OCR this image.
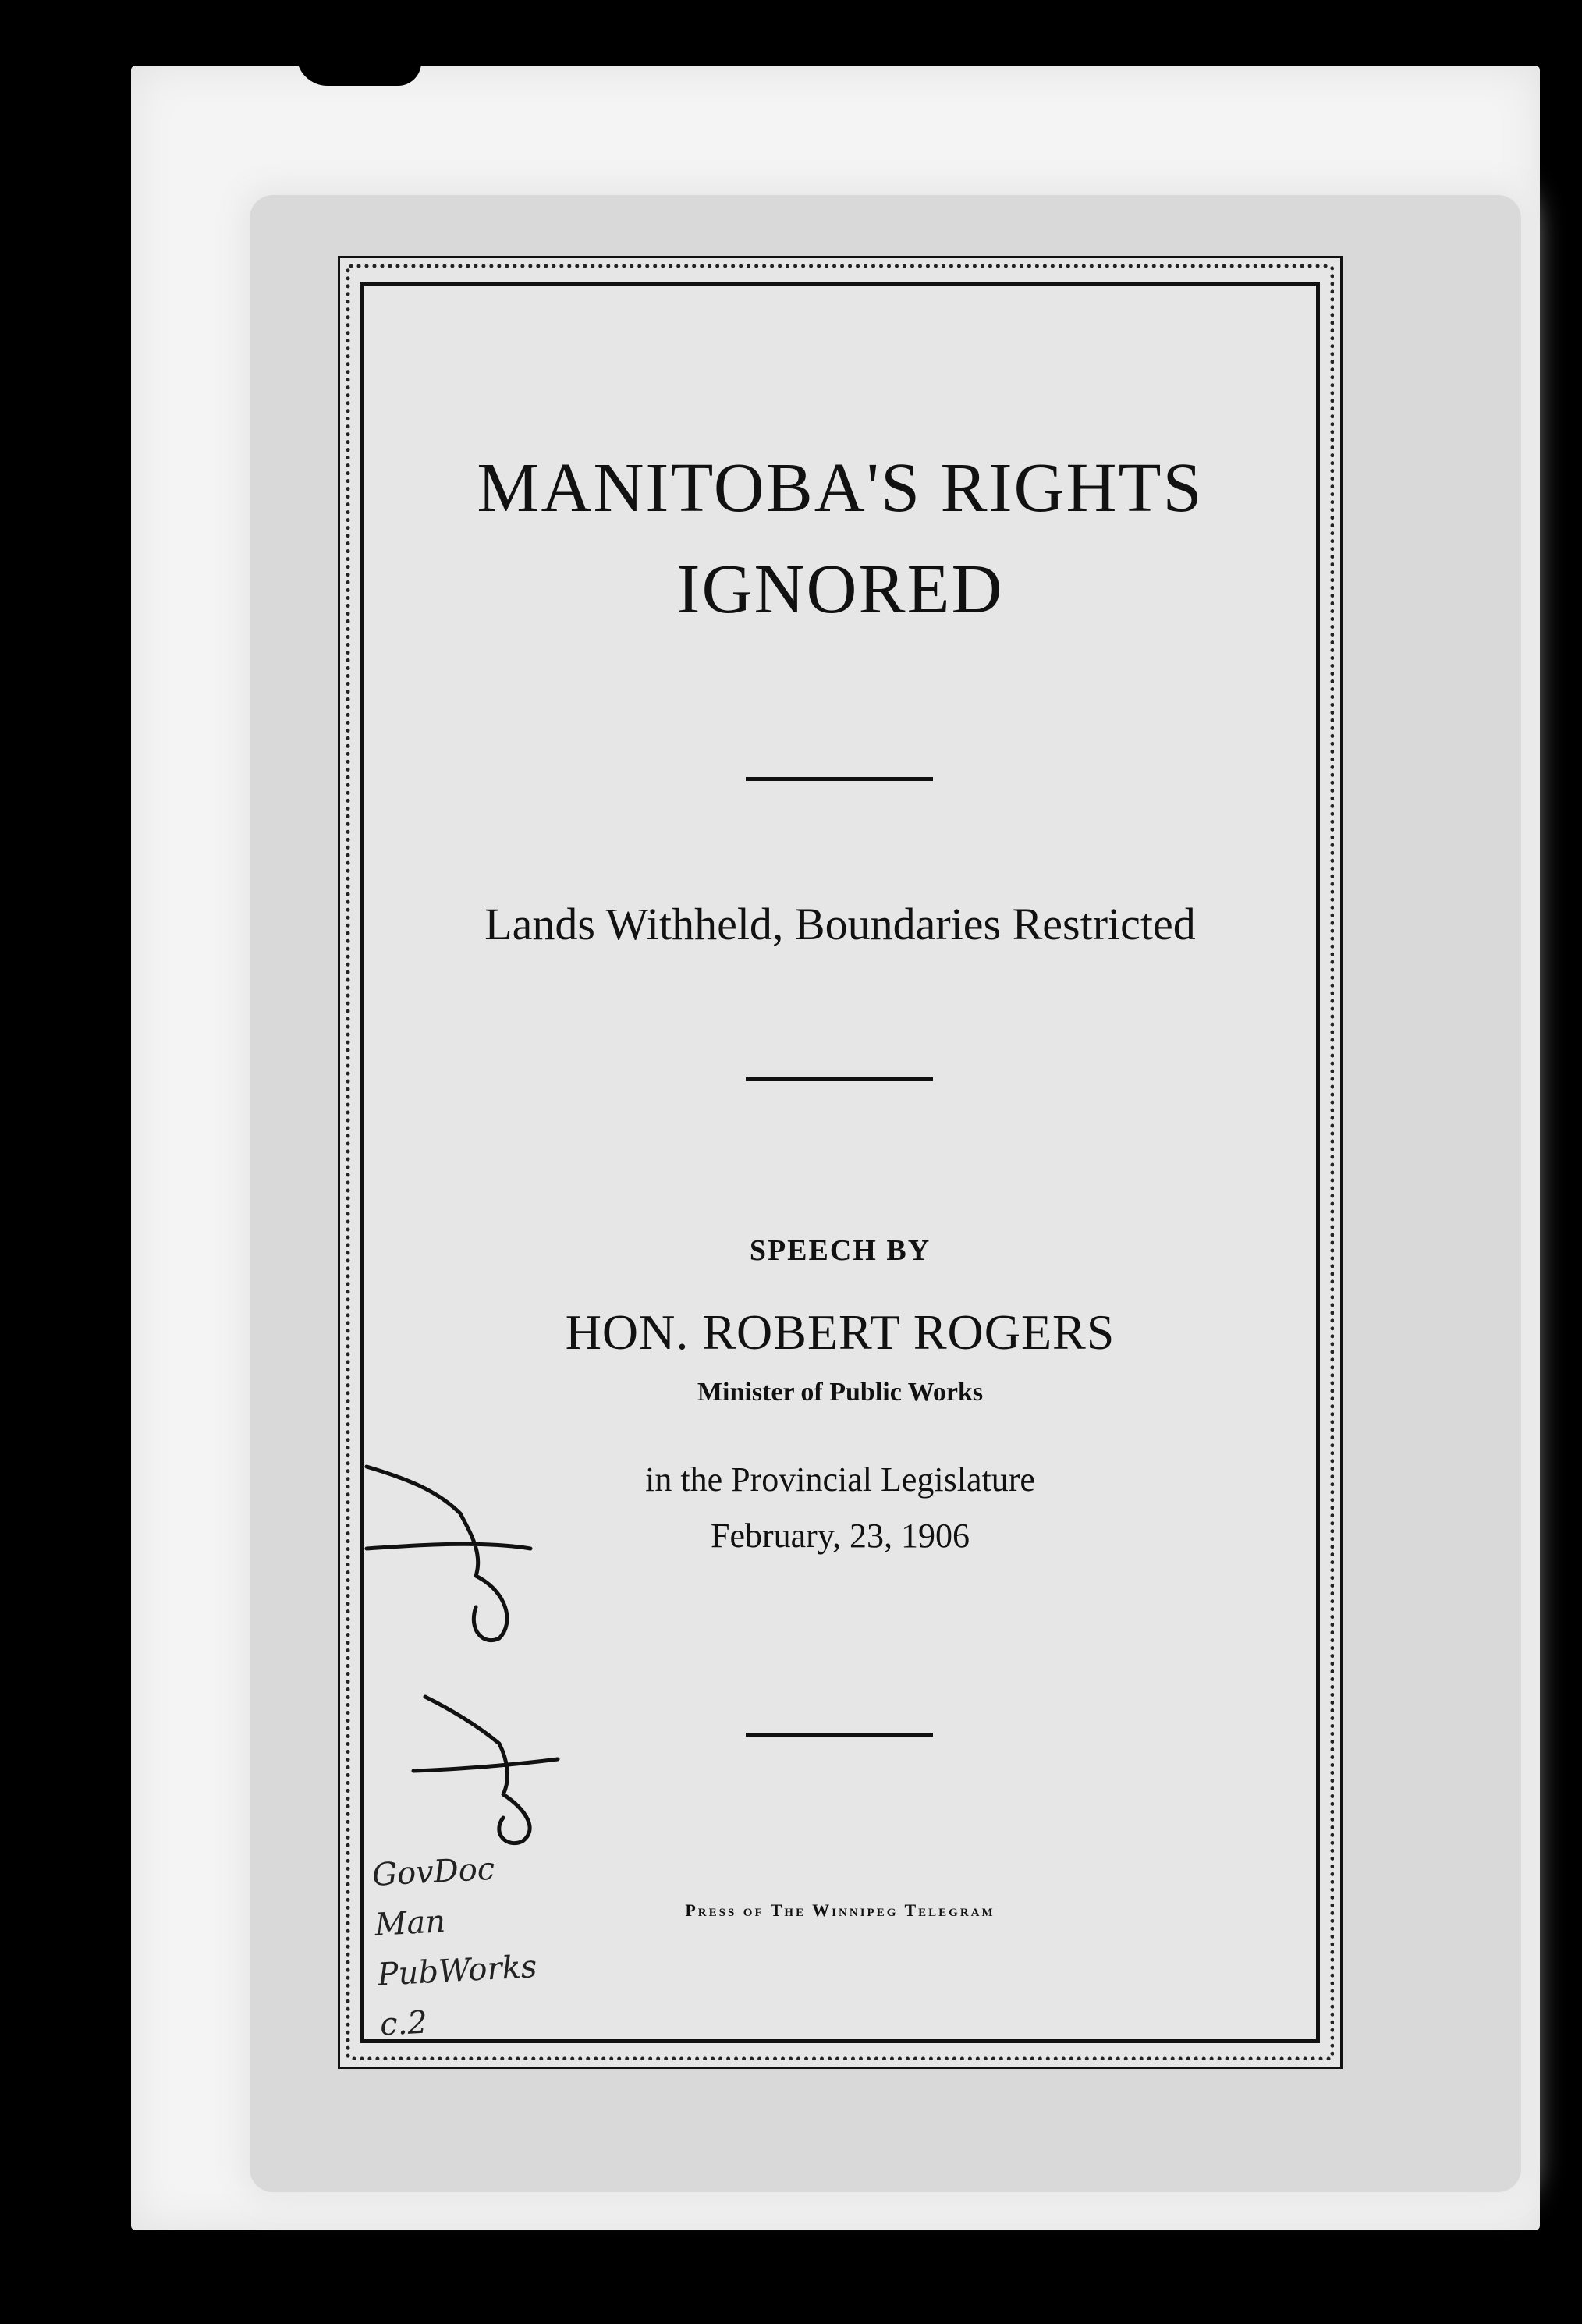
MANITOBA'S RIGHTS
IGNORED
Lands Withheld, Boundaries Restricted
SPEECH BY
HON. ROBERT ROGERS
Minister of Public Works
in the Provincial Legislature
February, 23, 1906
Press of The Winnipeg Telegram
GovDoc
Man
PubWorks
c.2
